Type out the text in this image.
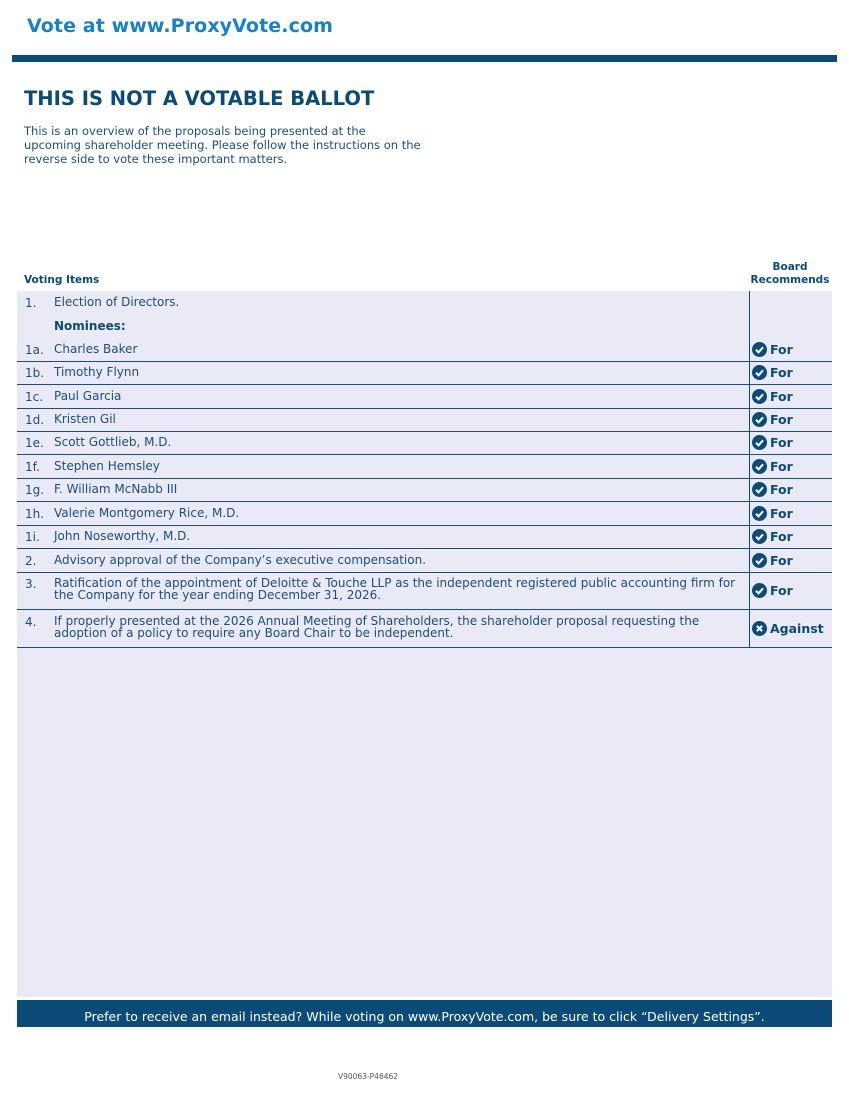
Vote at www.ProxyVote.com
THIS IS NOT A VOTABLE BALLOT

This is an overview of the proposals being presented at the upcoming shareholder meeting. Please follow the instructions on the reverse side to vote these important matters.

Voting Items
Board Recommends
1. Election of Directors.
Nominees:
1a. Charles Baker	For
1b. Timothy Flynn	For
1c. Paul Garcia	For
1d. Kristen Gil	For
1e. Scott Gottlieb, M.D.	For
1f. Stephen Hemsley	For
1g. F. William McNabb III	For
1h. Valerie Montgomery Rice, M.D.	For
1i. John Noseworthy, M.D.	For
2. Advisory approval of the Company’s executive compensation.	For
3. Ratification of the appointment of Deloitte & Touche LLP as the independent registered public accounting firm for the Company for the year ending December 31, 2026.	For
4. If properly presented at the 2026 Annual Meeting of Shareholders, the shareholder proposal requesting the adoption of a policy to require any Board Chair to be independent.	Against
Prefer to receive an email instead? While voting on www.ProxyVote.com, be sure to click “Delivery Settings”.
V90063-P46462
